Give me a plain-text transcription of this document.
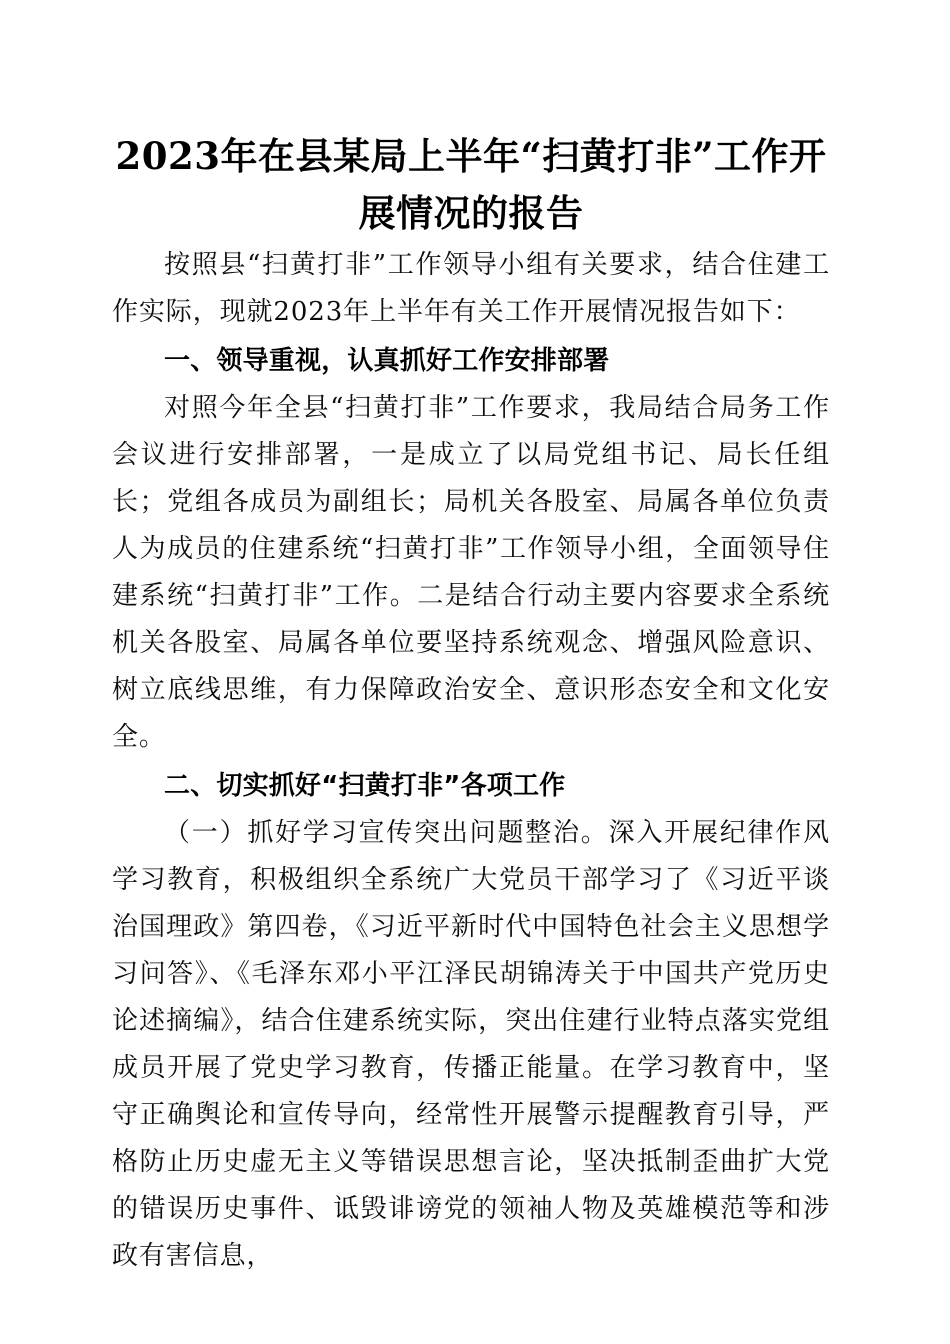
2023年在县某局上半年“扫黄打非”工作开展情况的报告

按照县“扫黄打非”工作领导小组有关要求，结合住建工作实际，现就2023年上半年有关工作开展情况报告如下：

一、领导重视，认真抓好工作安排部署

对照今年全县“扫黄打非”工作要求，我局结合局务工作会议进行安排部署，一是成立了以局党组书记、局长任组长；党组各成员为副组长；局机关各股室、局属各单位负责人为成员的住建系统“扫黄打非”工作领导小组，全面领导住建系统“扫黄打非”工作。二是结合行动主要内容要求全系统机关各股室、局属各单位要坚持系统观念、增强风险意识、树立底线思维，有力保障政治安全、意识形态安全和文化安全。

二、切实抓好“扫黄打非”各项工作

（一）抓好学习宣传突出问题整治。深入开展纪律作风学习教育，积极组织全系统广大党员干部学习了《习近平谈治国理政》第四卷，《习近平新时代中国特色社会主义思想学习问答》、《毛泽东邓小平江泽民胡锦涛关于中国共产党历史论述摘编》，结合住建系统实际，突出住建行业特点落实党组成员开展了党史学习教育，传播正能量。在学习教育中，坚守正确舆论和宣传导向，经常性开展警示提醒教育引导，严格防止历史虚无主义等错误思想言论，坚决抵制歪曲扩大党的错误历史事件、诋毁诽谤党的领袖人物及英雄模范等和涉政有害信息，
